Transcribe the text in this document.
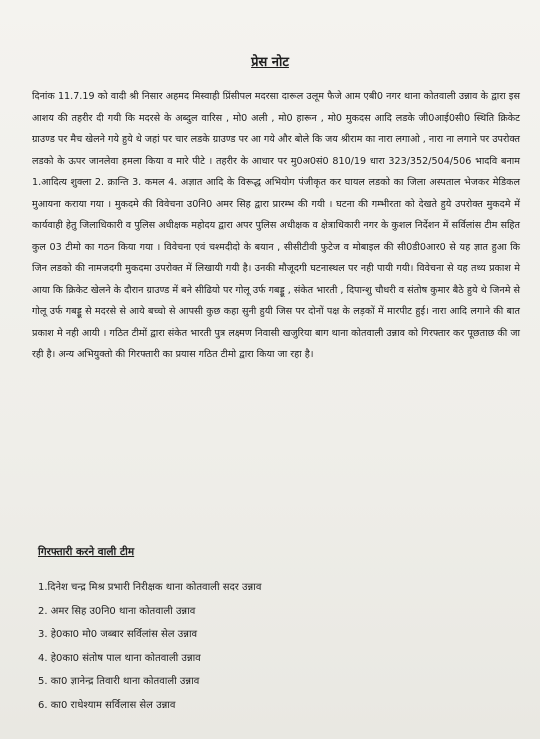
प्रेस नोट
दिनांक 11.7.19 को वादी श्री निसार अहमद मिस्वाही प्रिंसीपल मदरसा दारूल उलूम फैजे आम एबी0 नगर थाना कोतवाली उन्नाव के द्वारा इस आशय की तहरीर दी गयी कि मदरसे के अब्दुल वारिस , मो0 अली , मो0 हारून , मो0 मुकदस आदि लडके जी0आई0सी0 स्थिति क्रिकेट ग्राउण्ड पर मैच खेलने गये हुये थे जहां पर चार लडके ग्राउण्ड पर आ गये और बोले कि जय श्रीराम का नारा लगाओ , नारा ना लगाने पर उपरोक्त लडको के ऊपर जानलेवा हमला किया व मारे पीटे । तहरीर के आधार पर मु0अ0सं0 810/19 धारा 323/352/504/506 भादवि बनाम 1.आदित्य शुक्ला 2. क्रान्ति 3. कमल 4. अज्ञात आदि के विरूद्ध अभियोग पंजीकृत कर घायल लडको का जिला अस्पताल भेजकर मेडिकल मुआयना कराया गया । मुकदमे की विवेचना उ0नि0 अमर सिह द्वारा प्रारम्भ की गयी । घटना की गम्भीरता को देखते हुये उपरोक्त मुकदमे में कार्यवाही हेतु जिलाधिकारी व पुलिस अधीक्षक महोदय द्वारा अपर पुलिस अधीक्षक व क्षेत्राधिकारी नगर के कुशल निर्देशन में सर्विलांस टीम सहित कुल 03 टीमो का गठन किया गया । विवेचना एवं चश्मदीदो के बयान , सीसीटीवी फुटेज व मोबाइल की सी0डी0आर0 से यह ज्ञात हुआ कि जिन लडको की नामजदगी मुकदमा उपरोक्त में लिखायी गयी है। उनकी मौजूदगी घटनास्थल पर नही पायी गयी। विवेचना से यह तथ्य प्रकाश मे आया कि क्रिकेट खेलने के दौरान ग्राउण्ड में बने सीढियो पर गोलू उर्फ गबड्डू , संकेत भारती , दिपान्शु चौधरी व संतोष कुमार बैठे हुये थे जिनमे से गोलू उर्फ गबड्डू से मदरसे से आये बच्चो से आपसी कुछ कहा सुनी हुयी जिस पर दोनों पक्ष के लड़कों में मारपीट हुई। नारा आदि लगाने की बात प्रकाश मे नही आयी । गठित टीमों द्वारा संकेत भारती पुत्र लक्ष्मण निवासी खजुरिया बाग थाना कोतवाली उन्नाव को गिरफ्तार कर पूछताछ की जा रही है। अन्य अभियुक्तो की गिरफ्तारी का प्रयास गठित टीमो द्वारा किया जा रहा है।
गिरफ्तारी करने वाली टीम
1.दिनेश चन्द्र मिश्र प्रभारी निरीक्षक थाना कोतवाली सदर उन्नाव
2. अमर सिह उ0नि0 थाना कोतवाली उन्नाव
3. हे0का0 मो0 जब्बार सर्विलांस सेल उन्नाव
4. हे0का0 संतोष पाल थाना कोतवाली उन्नाव
5. का0 ज्ञानेन्द्र तिवारी थाना कोतवाली उन्नाव
6. का0 राधेश्याम सर्विलास सेल उन्नाव
